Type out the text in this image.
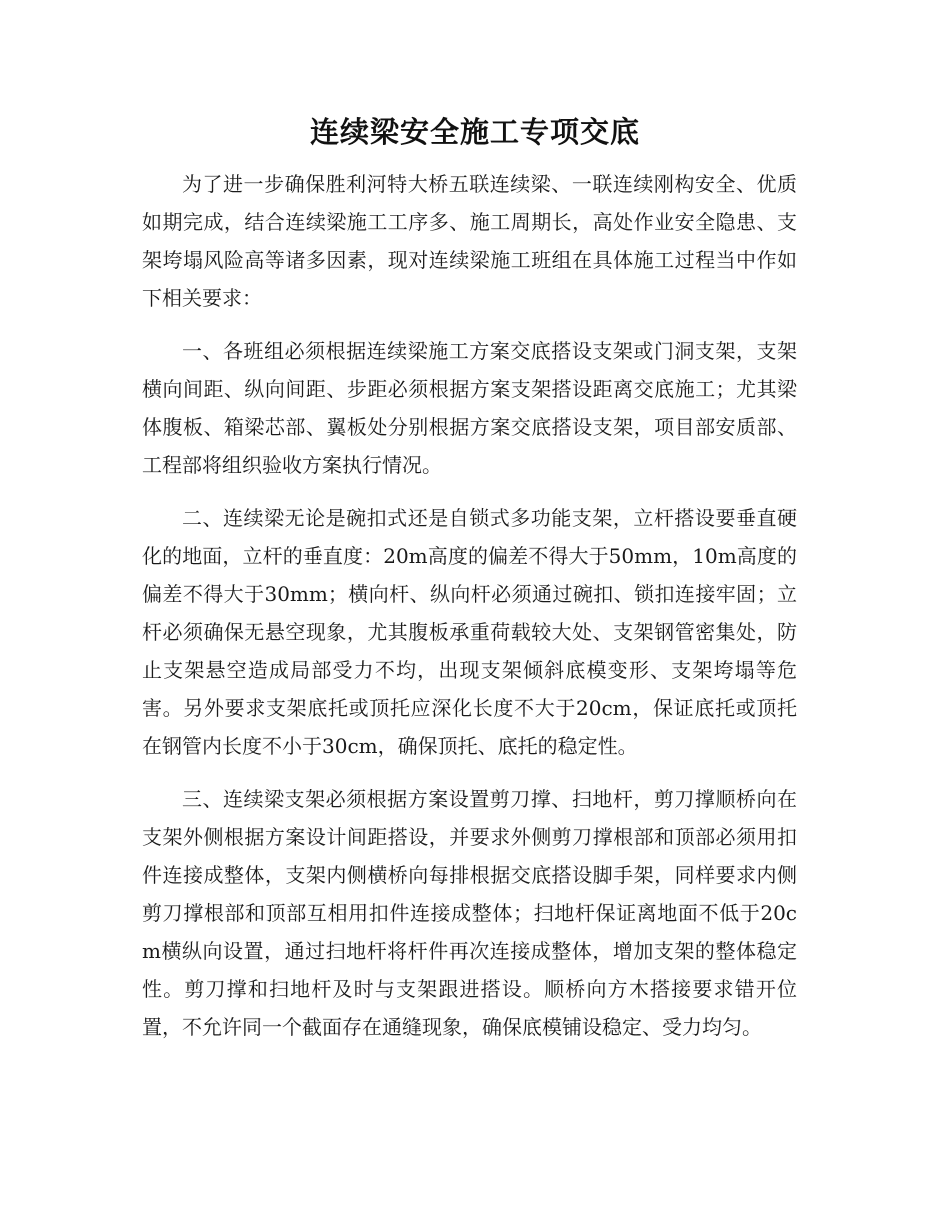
连续梁安全施工专项交底

为了进一步确保胜利河特大桥五联连续梁、一联连续刚构安全、优质如期完成，结合连续梁施工工序多、施工周期长，高处作业安全隐患、支架垮塌风险高等诸多因素，现对连续梁施工班组在具体施工过程当中作如下相关要求：

一、各班组必须根据连续梁施工方案交底搭设支架或门洞支架，支架横向间距、纵向间距、步距必须根据方案支架搭设距离交底施工；尤其梁体腹板、箱梁芯部、翼板处分别根据方案交底搭设支架，项目部安质部、工程部将组织验收方案执行情况。

二、连续梁无论是碗扣式还是自锁式多功能支架，立杆搭设要垂直硬化的地面，立杆的垂直度：20m高度的偏差不得大于50mm，10m高度的偏差不得大于30mm；横向杆、纵向杆必须通过碗扣、锁扣连接牢固；立杆必须确保无悬空现象，尤其腹板承重荷载较大处、支架钢管密集处，防止支架悬空造成局部受力不均，出现支架倾斜底模变形、支架垮塌等危害。另外要求支架底托或顶托应深化长度不大于20cm，保证底托或顶托在钢管内长度不小于30cm，确保顶托、底托的稳定性。

三、连续梁支架必须根据方案设置剪刀撑、扫地杆，剪刀撑顺桥向在支架外侧根据方案设计间距搭设，并要求外侧剪刀撑根部和顶部必须用扣件连接成整体，支架内侧横桥向每排根据交底搭设脚手架，同样要求内侧剪刀撑根部和顶部互相用扣件连接成整体；扫地杆保证离地面不低于20cm横纵向设置，通过扫地杆将杆件再次连接成整体，增加支架的整体稳定性。剪刀撑和扫地杆及时与支架跟进搭设。顺桥向方木搭接要求错开位置，不允许同一个截面存在通缝现象，确保底模铺设稳定、受力均匀。
